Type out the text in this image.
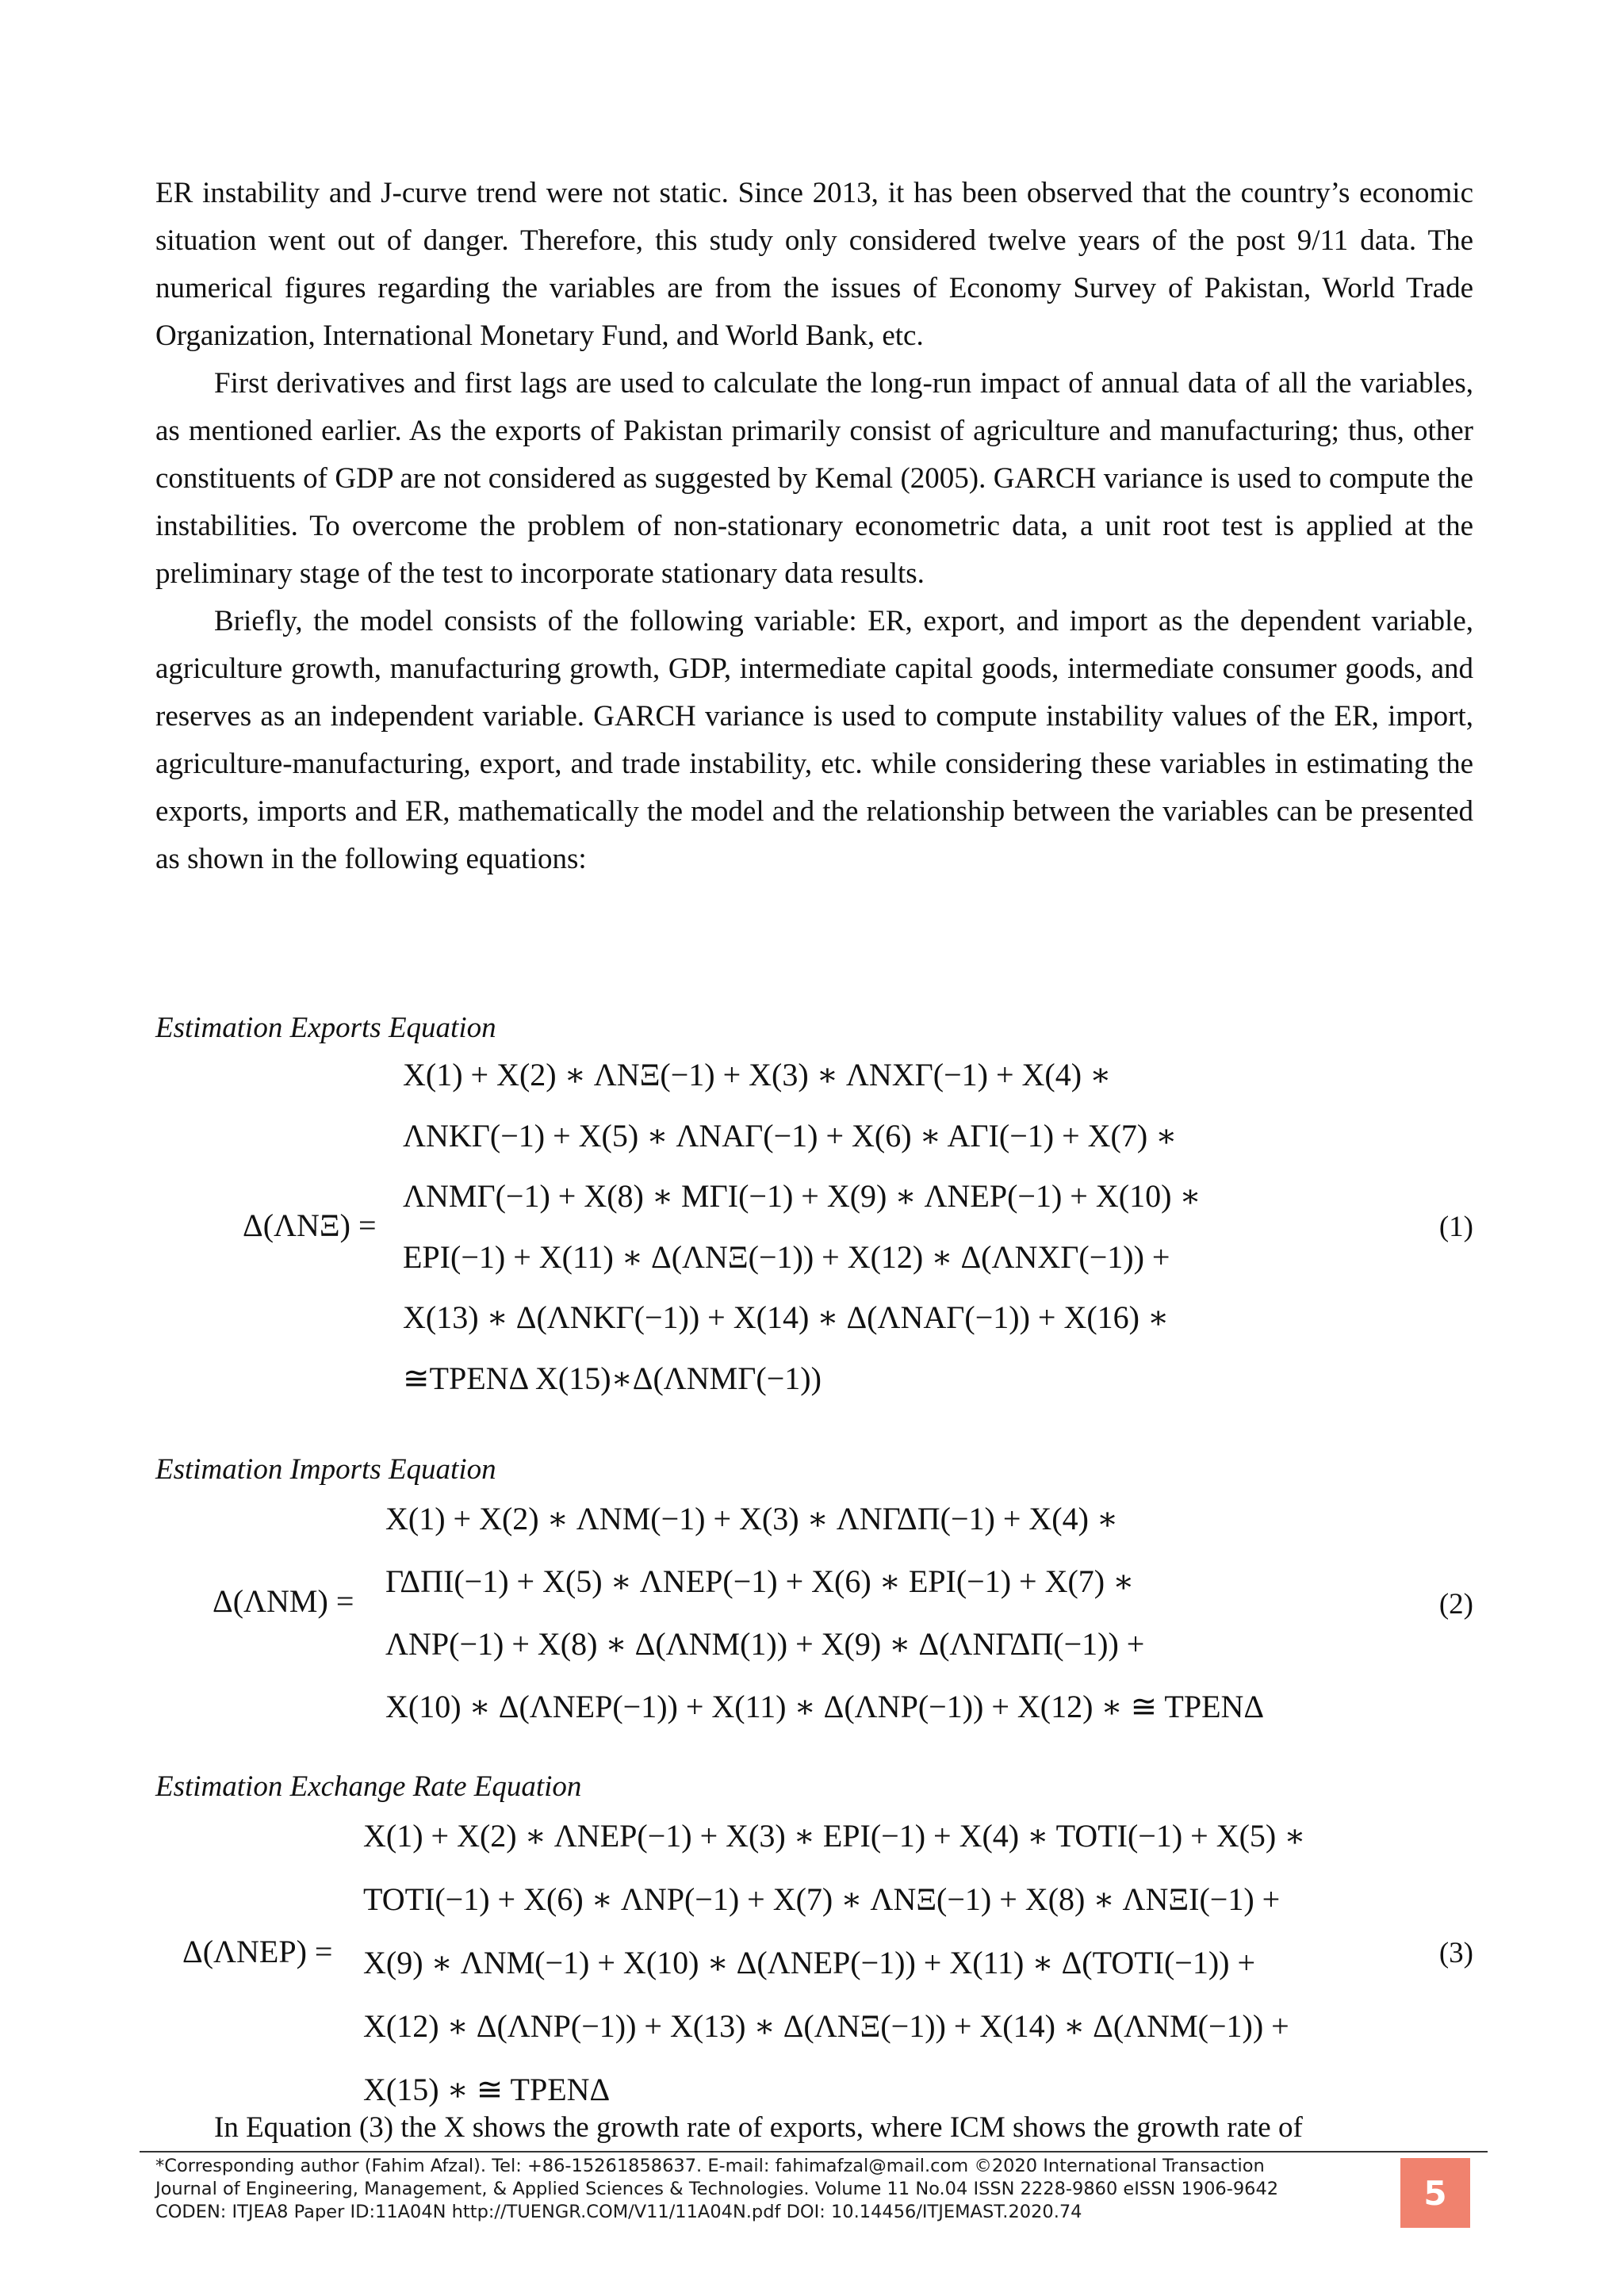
ER instability and J-curve trend were not static. Since 2013, it has been observed that the country’s economic situation went out of danger. Therefore, this study only considered twelve years of the post 9/11 data. The numerical figures regarding the variables are from the issues of Economy Survey of Pakistan, World Trade Organization, International Monetary Fund, and World Bank, etc.

First derivatives and first lags are used to calculate the long-run impact of annual data of all the variables, as mentioned earlier. As the exports of Pakistan primarily consist of agriculture and manufacturing; thus, other constituents of GDP are not considered as suggested by Kemal (2005). GARCH variance is used to compute the instabilities. To overcome the problem of non-stationary econometric data, a unit root test is applied at the preliminary stage of the test to incorporate stationary data results.

Briefly, the model consists of the following variable: ER, export, and import as the dependent variable, agriculture growth, manufacturing growth, GDP, intermediate capital goods, intermediate consumer goods, and reserves as an independent variable. GARCH variance is used to compute instability values of the ER, import, agriculture-manufacturing, export, and trade instability, etc. while considering these variables in estimating the exports, imports and ER, mathematically the model and the relationship between the variables can be presented as shown in the following equations:

Estimation Exports Equation

Δ(ΛNΞ) =
X(1) + X(2) ∗ ΛNΞ(−1) + X(3) ∗ ΛNXΓ(−1) + X(4) ∗
ΛNKΓ(−1) + X(5) ∗ ΛNAΓ(−1) + X(6) ∗ AΓI(−1) + X(7) ∗
ΛNMΓ(−1) + X(8) ∗ MΓI(−1) + X(9) ∗ ΛNEP(−1) + X(10) ∗
EPI(−1) + X(11) ∗ Δ(ΛNΞ(−1)) + X(12) ∗ Δ(ΛNXΓ(−1)) +
X(13) ∗ Δ(ΛNKΓ(−1)) + X(14) ∗ Δ(ΛNAΓ(−1)) + X(16) ∗
≅TPENΔ X(15)∗Δ(ΛNMΓ(−1))
(1)

Estimation Imports Equation

Δ(ΛNM) =
X(1) + X(2) ∗ ΛNM(−1) + X(3) ∗ ΛNΓΔΠ(−1) + X(4) ∗
ΓΔΠI(−1) + X(5) ∗ ΛNEP(−1) + X(6) ∗ EPI(−1) + X(7) ∗
ΛNP(−1) + X(8) ∗ Δ(ΛNM(1)) + X(9) ∗ Δ(ΛNΓΔΠ(−1)) +
X(10) ∗ Δ(ΛNEP(−1)) + X(11) ∗ Δ(ΛNP(−1)) + X(12) ∗ ≅ TPENΔ
(2)

Estimation Exchange Rate Equation

Δ(ΛNEP) =
X(1) + X(2) ∗ ΛNEP(−1) + X(3) ∗ EPI(−1) + X(4) ∗ TOTI(−1) + X(5) ∗
TOTI(−1) + X(6) ∗ ΛNP(−1) + X(7) ∗ ΛNΞ(−1) + X(8) ∗ ΛNΞI(−1) +
X(9) ∗ ΛNM(−1) + X(10) ∗ Δ(ΛNEP(−1)) + X(11) ∗ Δ(TOTI(−1)) +
X(12) ∗ Δ(ΛNP(−1)) + X(13) ∗ Δ(ΛNΞ(−1)) + X(14) ∗ Δ(ΛNM(−1)) +
X(15) ∗ ≅ TPENΔ
(3)

In Equation (3) the X shows the growth rate of exports, where ICM shows the growth rate of

*Corresponding author (Fahim Afzal). Tel: +86-15261858637. E-mail: fahimafzal@mail.com ©2020 International Transaction
Journal of Engineering, Management, & Applied Sciences & Technologies. Volume 11 No.04 ISSN 2228-9860 eISSN 1906-9642
CODEN: ITJEA8 Paper ID:11A04N http://TUENGR.COM/V11/11A04N.pdf DOI: 10.14456/ITJEMAST.2020.74	5
